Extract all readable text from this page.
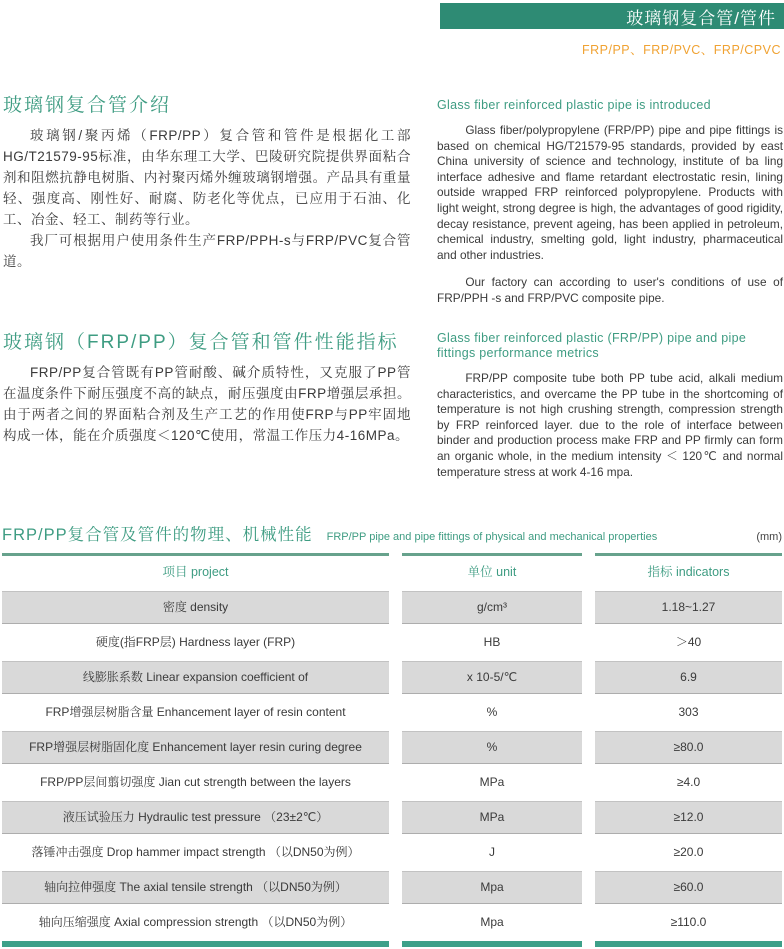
玻璃钢复合管/管件
FRP/PP、FRP/PVC、FRP/CPVC
玻璃钢复合管介绍

玻璃钢/聚丙烯（FRP/PP）复合管和管件是根据化工部HG/T21579-95标准，由华东理工大学、巴陵研究院提供界面粘合剂和阻燃抗静电树脂、内衬聚丙烯外缠玻璃钢增强。产品具有重量轻、强度高、刚性好、耐腐、防老化等优点，已应用于石油、化工、冶金、轻工、制药等行业。

我厂可根据用户使用条件生产FRP/PPH-s与FRP/PVC复合管道。

Glass fiber reinforced plastic pipe is introduced

Glass fiber/polypropylene (FRP/PP) pipe and pipe fittings is based on chemical HG/T21579-95 standards, provided by east China university of science and technology, institute of ba ling interface adhesive and flame retardant electrostatic resin, lining outside wrapped FRP reinforced polypropylene. Products with light weight, strong degree is high, the advantages of good rigidity, decay resistance, prevent ageing, has been applied in petroleum, chemical industry, smelting gold, light industry, pharmaceutical and other industries.

Our factory can according to user's conditions of use of FRP/PPH -s and FRP/PVC composite pipe.

玻璃钢（FRP/PP）复合管和管件性能指标

FRP/PP复合管既有PP管耐酸、碱介质特性，又克服了PP管在温度条件下耐压强度不高的缺点，耐压强度由FRP增强层承担。由于两者之间的界面粘合剂及生产工艺的作用使FRP与PP牢固地构成一体，能在介质强度＜120℃使用，常温工作压力4-16MPa。

Glass fiber reinforced plastic (FRP/PP) pipe and pipe fittings performance metrics

FRP/PP composite tube both PP tube acid, alkali medium characteristics, and overcame the PP tube in the shortcoming of temperature is not high crushing strength, compression strength by FRP reinforced layer. due to the role of interface between binder and production process make FRP and PP firmly can form an organic whole, in the medium intensity ＜ 120℃ and normal temperature stress at work 4-16 mpa.

FRP/PP复合管及管件的物理、机械性能 FRP/PP pipe and pipe fittings of physical and mechanical properties	(mm)
项目 project	单位 unit	指标 indicators
密度 density	g/cm³	1.18~1.27
硬度(指FRP层) Hardness layer (FRP)	HB	＞40
线膨胀系数 Linear expansion coefficient of	x 10-5/℃	6.9
FRP增强层树脂含量 Enhancement layer of resin content	%	303
FRP增强层树脂固化度 Enhancement layer resin curing degree	%	≥80.0
FRP/PP层间翦切强度 Jian cut strength between the layers	MPa	≥4.0
液压试验压力 Hydraulic test pressure （23±2℃）	MPa	≥12.0
落锤冲击强度 Drop hammer impact strength （以DN50为例）	J	≥20.0
轴向拉伸强度 The axial tensile strength （以DN50为例）	Mpa	≥60.0
轴向压缩强度 Axial compression strength （以DN50为例）	Mpa	≥110.0
